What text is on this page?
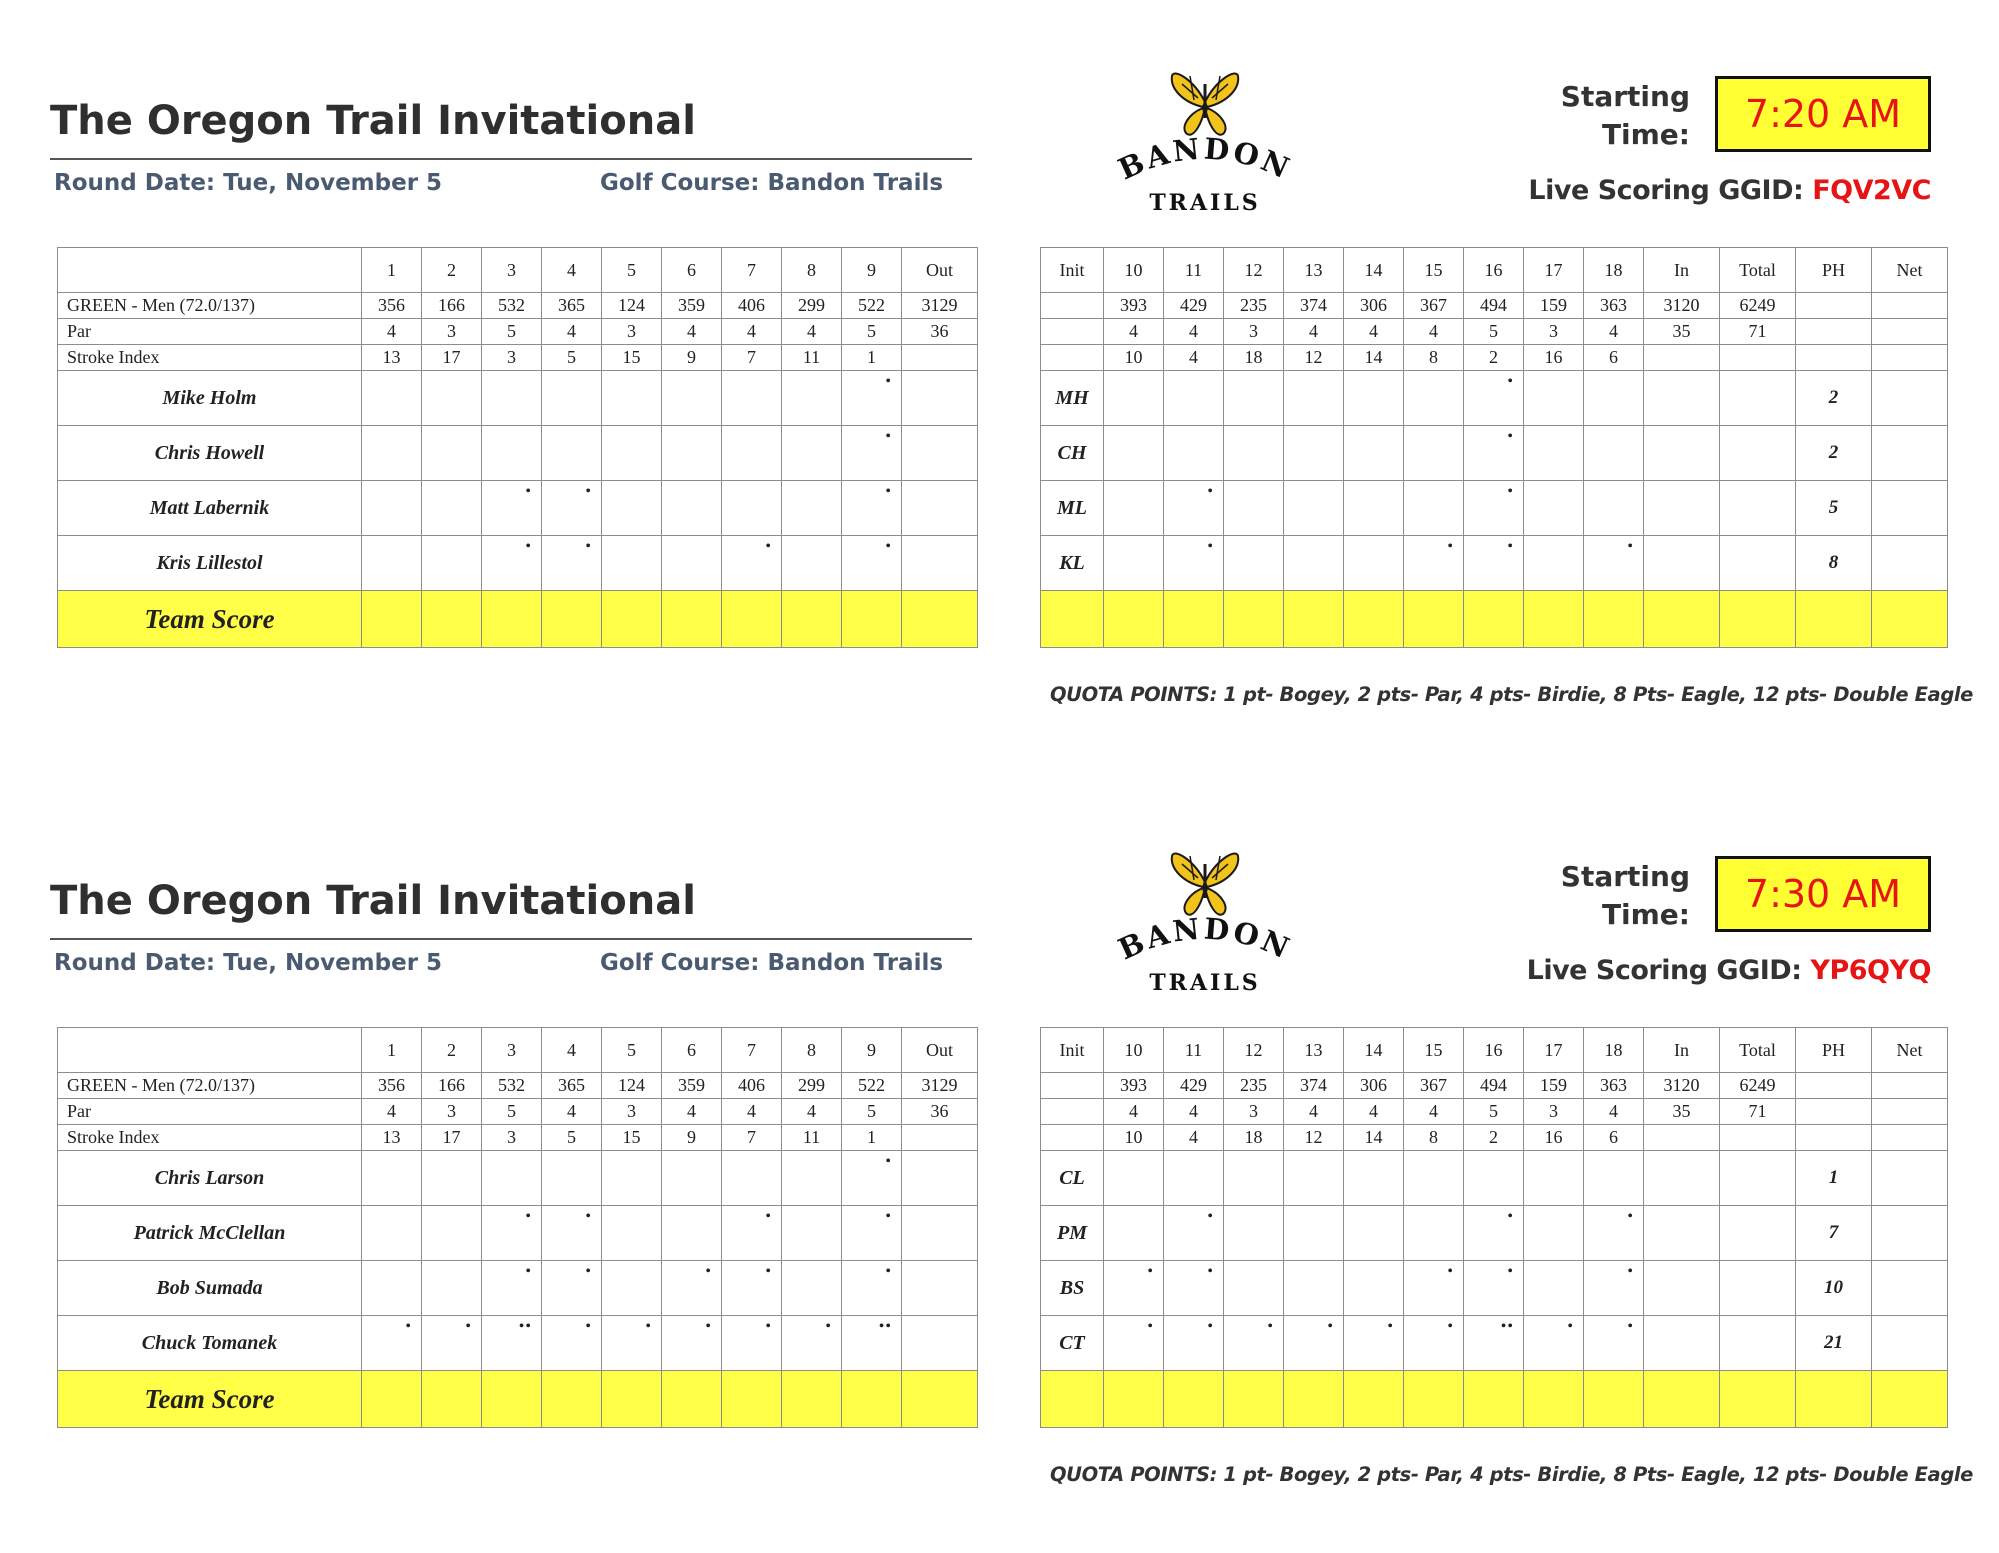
The Oregon Trail Invitational
Round Date: Tue, November 5	Golf Course: Bandon Trails	BANDON
TRAILS
Starting Time:	7:20 AM
Live Scoring GGID: FQV2VC
	1	2	3	4	5	6	7	8	9	Out
GREEN - Men (72.0/137)	356	166	532	365	124	359	406	299	522	3129
Par	4	3	5	4	3	4	4	4	5	36
Stroke Index	13	17	3	5	15	9	7	11	1	
Mike Holm									•	

Chris Howell									•	

Matt Labernik			•	•					•	

Kris Lillestol			•	•			•		•	

Team Score										
Init	10	11	12	13	14	15	16	17	18	In	Total	PH	Net
	393	429	235	374	306	367	494	159	363	3120	6249		
	4	4	3	4	4	4	5	3	4	35	71		
	10	4	18	12	14	8	2	16	6				
MH							•					2	
CH							•					2	
ML		•					•					5	
KL		•				•	•		•			8	

QUOTA POINTS: 1 pt- Bogey, 2 pts- Par, 4 pts- Birdie, 8 Pts- Eagle, 12 pts- Double Eagle
The Oregon Trail Invitational
Round Date: Tue, November 5	Golf Course: Bandon Trails	BANDON
TRAILS
Starting Time:	7:30 AM
Live Scoring GGID: YP6QYQ
	1	2	3	4	5	6	7	8	9	Out
GREEN - Men (72.0/137)	356	166	532	365	124	359	406	299	522	3129
Par	4	3	5	4	3	4	4	4	5	36
Stroke Index	13	17	3	5	15	9	7	11	1	
Chris Larson									•	

Patrick McClellan			•	•			•		•	

Bob Sumada			•	•		•	•		•	

Chuck Tomanek	•	•	••	•	•	•	•	•	••	

Team Score										
Init	10	11	12	13	14	15	16	17	18	In	Total	PH	Net
	393	429	235	374	306	367	494	159	363	3120	6249		
	4	4	3	4	4	4	5	3	4	35	71		
	10	4	18	12	14	8	2	16	6				
CL												1	
PM		•					•		•			7	
BS	•	•				•	•		•			10	
CT	•	•	•	•	•	•	••	•	•			21	

QUOTA POINTS: 1 pt- Bogey, 2 pts- Par, 4 pts- Birdie, 8 Pts- Eagle, 12 pts- Double Eagle
